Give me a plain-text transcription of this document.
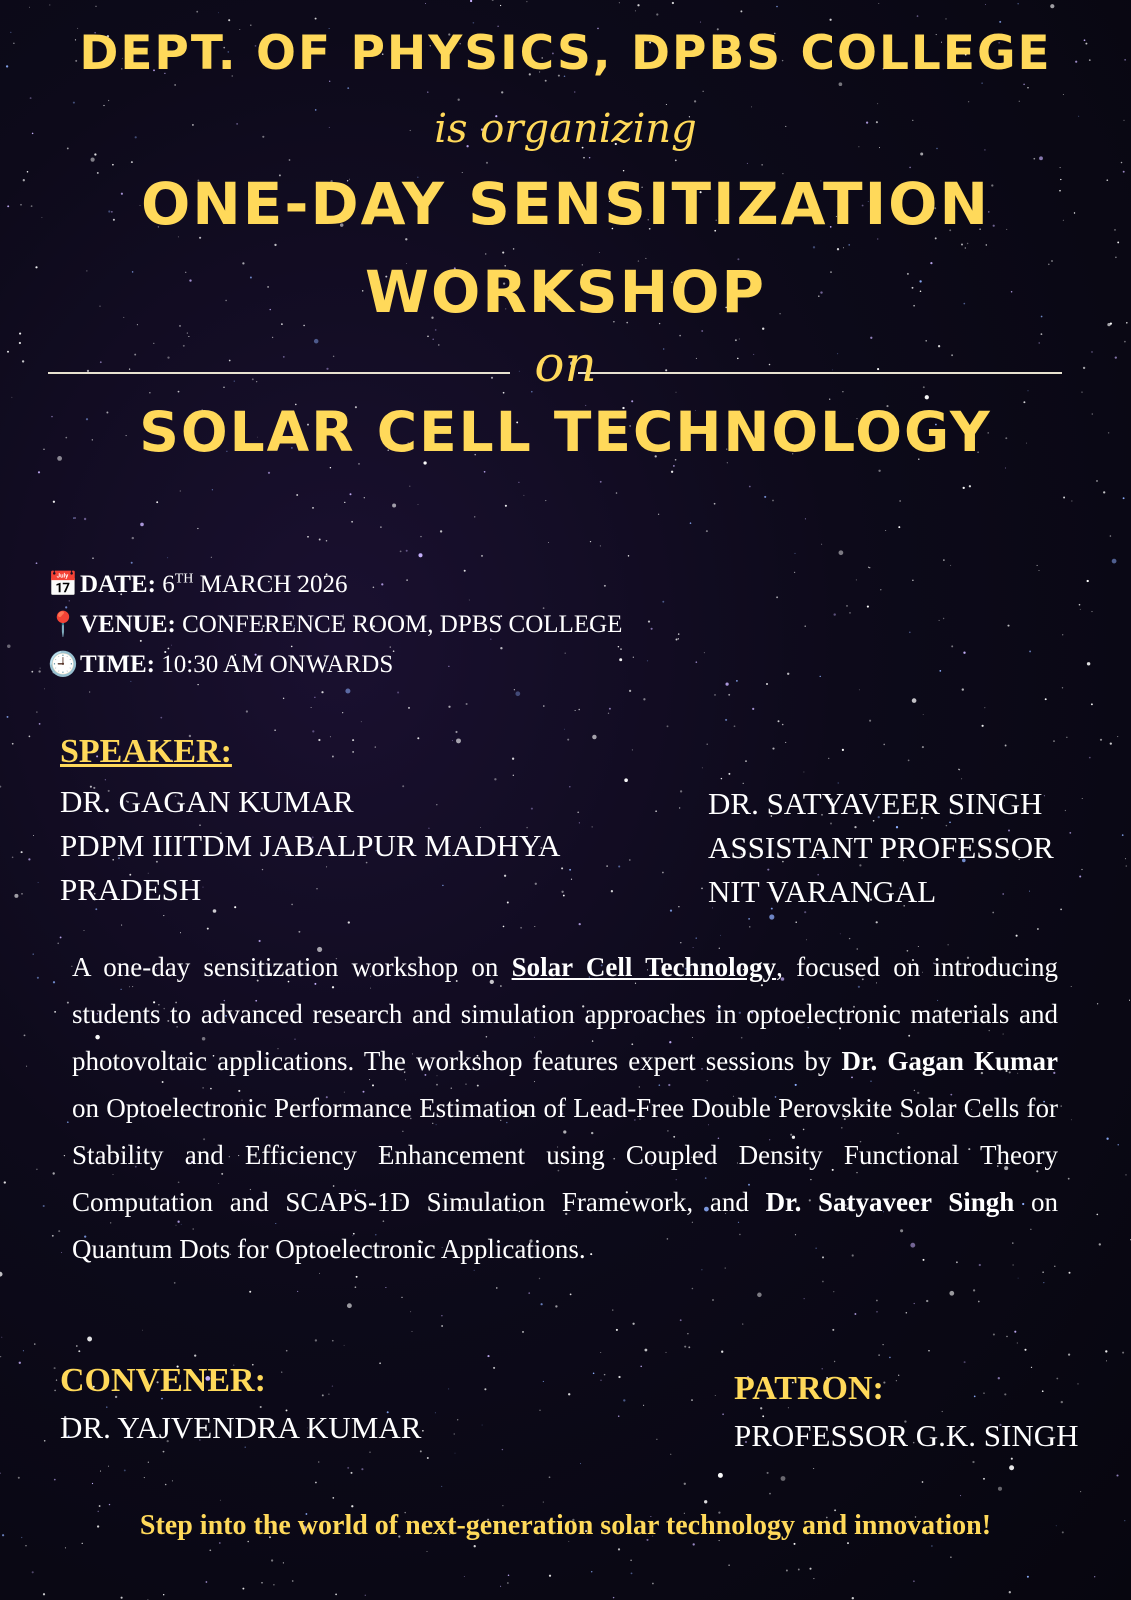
DEPT. OF PHYSICS, DPBS COLLEGE
is organizing
ONE-DAY SENSITIZATION
WORKSHOP
on
SOLAR CELL TECHNOLOGY
📅DATE: 6TH MARCH 2026
📍VENUE: CONFERENCE ROOM, DPBS COLLEGE
🕘TIME: 10:30 AM ONWARDS
SPEAKER:
DR. GAGAN KUMAR
PDPM IIITDM JABALPUR MADHYA
PRADESH
DR. SATYAVEER SINGH
ASSISTANT PROFESSOR
NIT VARANGAL
A one-day sensitization workshop on Solar Cell Technology, focused on introducing students to advanced research and simulation approaches in optoelectronic materials and photovoltaic applications. The workshop features expert sessions by Dr. Gagan Kumar on Optoelectronic Performance Estimation of Lead-Free Double Perovskite Solar Cells for Stability and Efficiency Enhancement using Coupled Density Functional Theory Computation and SCAPS-1D Simulation Framework, and Dr. Satyaveer Singh on Quantum Dots for Optoelectronic Applications.
CONVENER:
DR. YAJVENDRA KUMAR
PATRON:
PROFESSOR G.K. SINGH
Step into the world of next-generation solar technology and innovation!
